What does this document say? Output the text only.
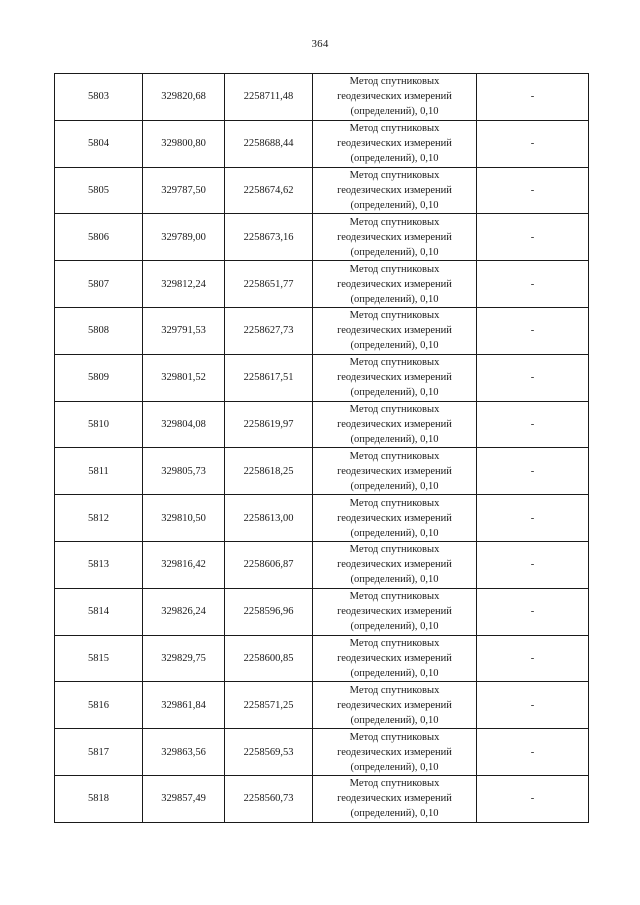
364
5803	329820,68	2258711,48	Метод спутниковых
геодезических измерений
(определений), 0,10	-
5804	329800,80	2258688,44	Метод спутниковых
геодезических измерений
(определений), 0,10	-
5805	329787,50	2258674,62	Метод спутниковых
геодезических измерений
(определений), 0,10	-
5806	329789,00	2258673,16	Метод спутниковых
геодезических измерений
(определений), 0,10	-
5807	329812,24	2258651,77	Метод спутниковых
геодезических измерений
(определений), 0,10	-
5808	329791,53	2258627,73	Метод спутниковых
геодезических измерений
(определений), 0,10	-
5809	329801,52	2258617,51	Метод спутниковых
геодезических измерений
(определений), 0,10	-
5810	329804,08	2258619,97	Метод спутниковых
геодезических измерений
(определений), 0,10	-
5811	329805,73	2258618,25	Метод спутниковых
геодезических измерений
(определений), 0,10	-
5812	329810,50	2258613,00	Метод спутниковых
геодезических измерений
(определений), 0,10	-
5813	329816,42	2258606,87	Метод спутниковых
геодезических измерений
(определений), 0,10	-
5814	329826,24	2258596,96	Метод спутниковых
геодезических измерений
(определений), 0,10	-
5815	329829,75	2258600,85	Метод спутниковых
геодезических измерений
(определений), 0,10	-
5816	329861,84	2258571,25	Метод спутниковых
геодезических измерений
(определений), 0,10	-
5817	329863,56	2258569,53	Метод спутниковых
геодезических измерений
(определений), 0,10	-
5818	329857,49	2258560,73	Метод спутниковых
геодезических измерений
(определений), 0,10	-
